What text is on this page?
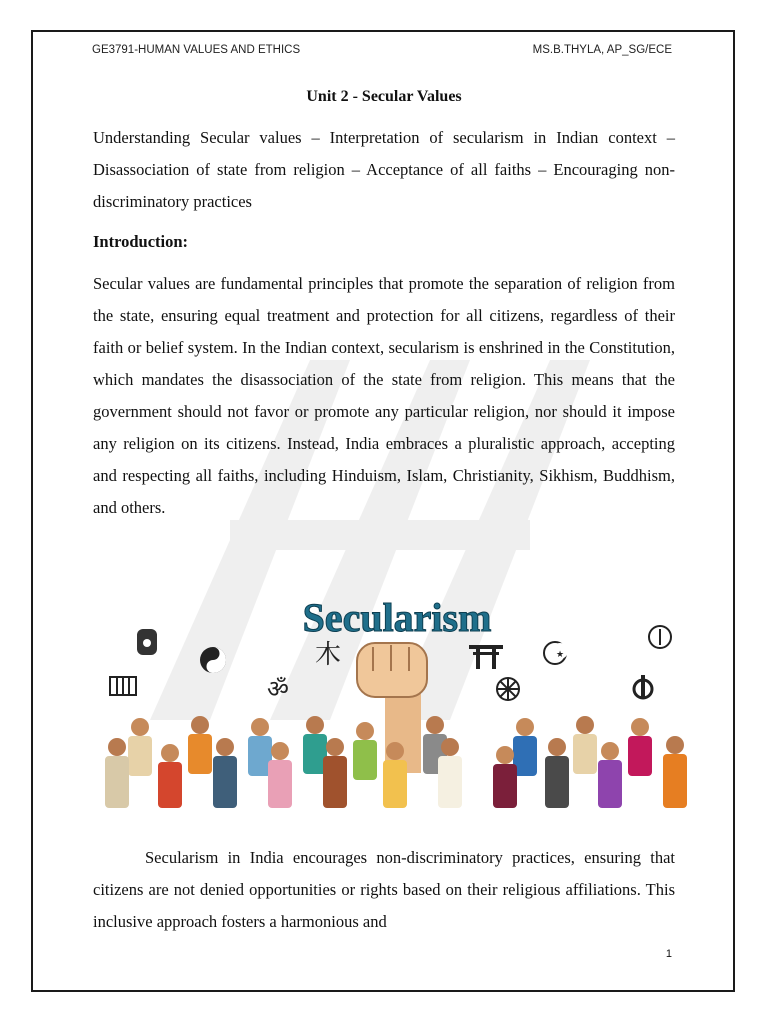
GE3791-HUMAN VALUES AND ETHICS	MS.B.THYLA, AP_SG/ECE
Unit 2 - Secular Values
Understanding Secular values – Interpretation of secularism in Indian context – Disassociation of state from religion – Acceptance of all faiths – Encouraging non-discriminatory practices
Introduction:
Secular values are fundamental principles that promote the separation of religion from the state, ensuring equal treatment and protection for all citizens, regardless of their faith or belief system. In the Indian context, secularism is enshrined in the Constitution, which mandates the disassociation of the state from religion. This means that the government should not favor or promote any particular religion, nor should it impose any religion on its citizens. Instead, India embraces a pluralistic approach, accepting and respecting all faiths, including Hinduism, Islam, Christianity, Sikhism, Buddhism, and others.
Secularism
ॐ
木	★
Secularism in India encourages non-discriminatory practices, ensuring that citizens are not denied opportunities or rights based on their religious affiliations. This inclusive approach fosters a harmonious and
1
